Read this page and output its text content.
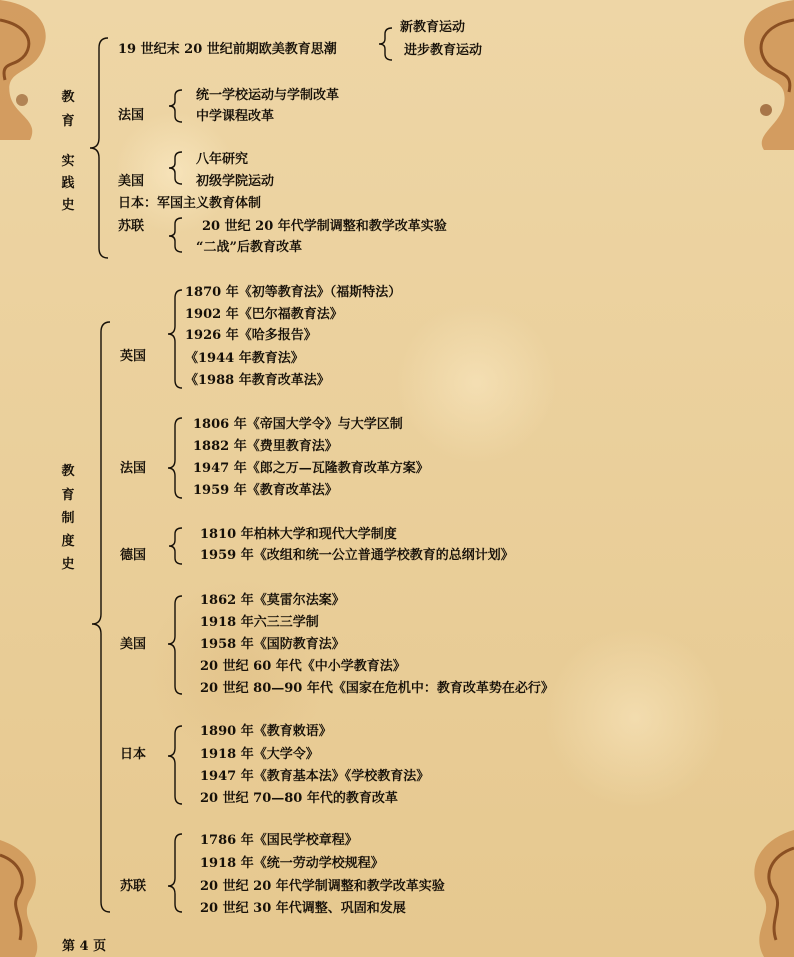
教
育
实
践
史
19 世纪末 20 世纪前期欧美教育思潮
新教育运动
进步教育运动
法国
统一学校运动与学制改革
中学课程改革
美国
八年研究
初级学院运动
日本：军国主义教育体制
苏联	20 世纪 20 年代学制调整和教学改革实验
“二战”后教育改革
教
育
制
度
史
英国
1870 年《初等教育法》（福斯特法）
1902 年《巴尔福教育法》
1926 年《哈多报告》
《1944 年教育法》
《1988 年教育改革法》
法国
1806 年《帝国大学令》与大学区制
1882 年《费里教育法》
1947 年《郎之万—瓦隆教育改革方案》
1959 年《教育改革法》
德国
1810 年柏林大学和现代大学制度
1959 年《改组和统一公立普通学校教育的总纲计划》
美国
1862 年《莫雷尔法案》
1918 年六三三学制
1958 年《国防教育法》
20 世纪 60 年代《中小学教育法》
20 世纪 80—90 年代《国家在危机中：教育改革势在必行》
日本
1890 年《教育敕语》
1918 年《大学令》
1947 年《教育基本法》《学校教育法》
20 世纪 70—80 年代的教育改革
苏联
1786 年《国民学校章程》
1918 年《统一劳动学校规程》
20 世纪 20 年代学制调整和教学改革实验
20 世纪 30 年代调整、巩固和发展
第 4 页
